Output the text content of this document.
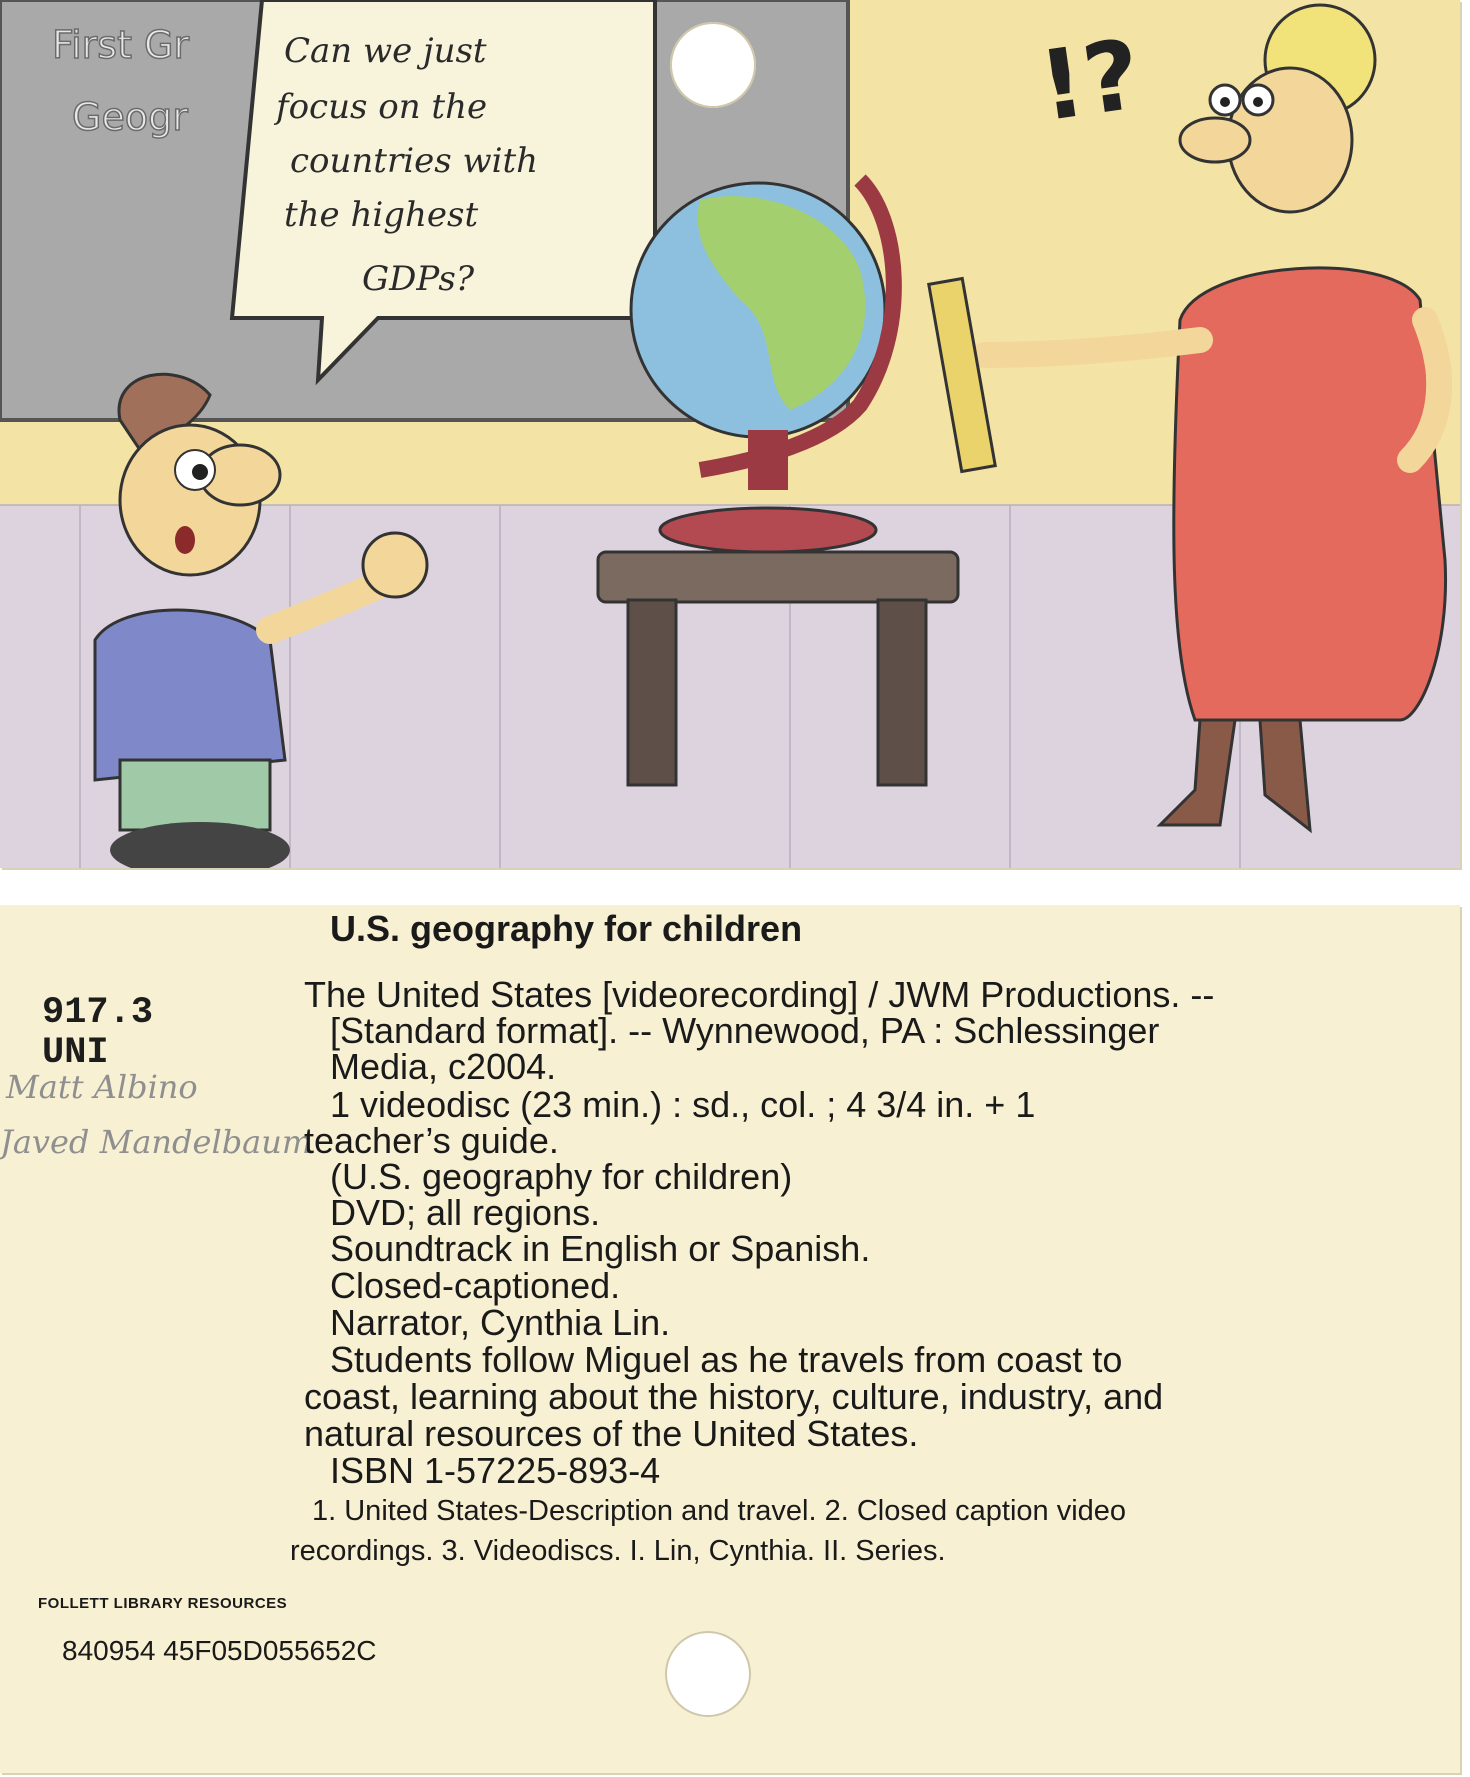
First Gr
Geogr
Can we just
focus on the
countries with
the highest
GDPs?
!?
U.S. geography for children
917.3
UNI
Matt Albino
Javed Mandelbaum
The United States [videorecording] / JWM Productions. --
[Standard format]. -- Wynnewood, PA : Schlessinger
Media, c2004.
1 videodisc (23 min.) : sd., col. ; 4 3/4 in. + 1
teacher’s guide.
(U.S. geography for children)
DVD; all regions.
Soundtrack in English or Spanish.
Closed-captioned.
Narrator, Cynthia Lin.
Students follow Miguel as he travels from coast to
coast, learning about the history, culture, industry, and
natural resources of the United States.
ISBN 1-57225-893-4
1. United States-Description and travel. 2. Closed caption video
recordings. 3. Videodiscs. I. Lin, Cynthia. II. Series.
FOLLETT LIBRARY RESOURCES
840954 45F05D055652C
